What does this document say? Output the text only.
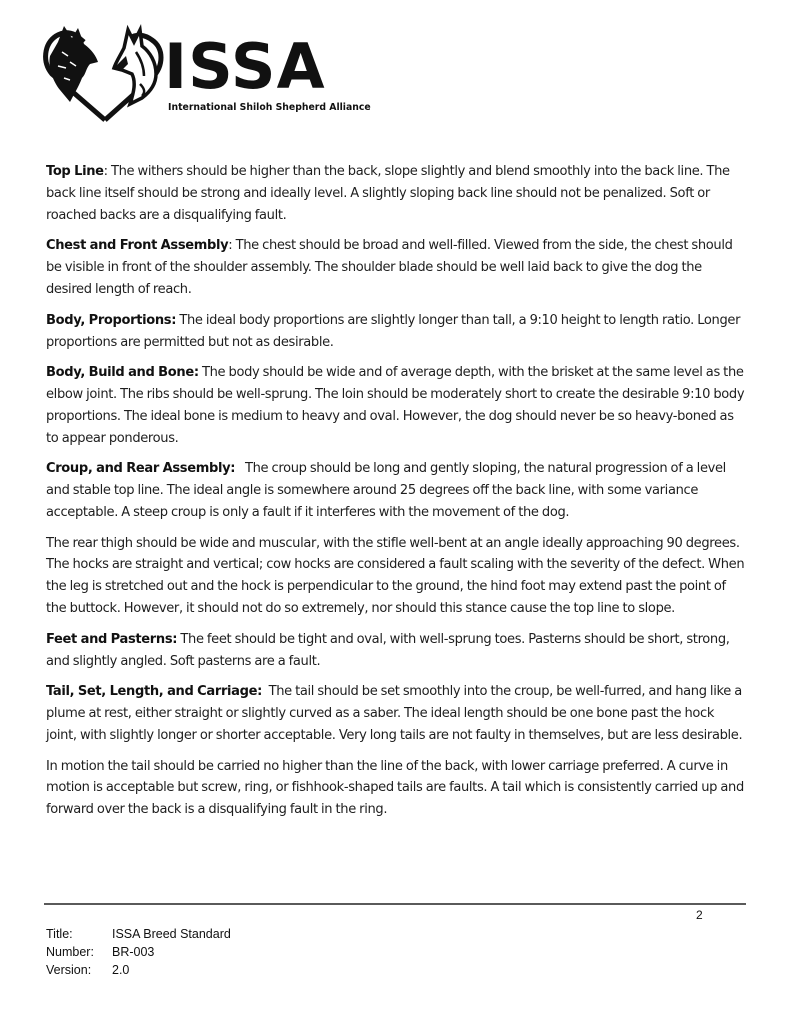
ISSA
International Shiloh Shepherd Alliance

Top Line: The withers should be higher than the back, slope slightly and blend smoothly into the back line. The back line itself should be strong and ideally level. A slightly sloping back line should not be penalized. Soft or roached backs are a disqualifying fault.

Chest and Front Assembly: The chest should be broad and well-filled. Viewed from the side, the chest should be visible in front of the shoulder assembly. The shoulder blade should be well laid back to give the dog the desired length of reach.

Body, Proportions: The ideal body proportions are slightly longer than tall, a 9:10 height to length ratio. Longer proportions are permitted but not as desirable.

Body, Build and Bone: The body should be wide and of average depth, with the brisket at the same level as the elbow joint. The ribs should be well-sprung. The loin should be moderately short to create the desirable 9:10 body proportions. The ideal bone is medium to heavy and oval. However, the dog should never be so heavy-boned as to appear ponderous.

Croup, and Rear Assembly: The croup should be long and gently sloping, the natural progression of a level and stable top line. The ideal angle is somewhere around 25 degrees off the back line, with some variance acceptable. A steep croup is only a fault if it interferes with the movement of the dog.

The rear thigh should be wide and muscular, with the stifle well-bent at an angle ideally approaching 90 degrees. The hocks are straight and vertical; cow hocks are considered a fault scaling with the severity of the defect. When the leg is stretched out and the hock is perpendicular to the ground, the hind foot may extend past the point of the buttock. However, it should not do so extremely, nor should this stance cause the top line to slope.

Feet and Pasterns: The feet should be tight and oval, with well-sprung toes. Pasterns should be short, strong, and slightly angled. Soft pasterns are a fault.

Tail, Set, Length, and Carriage: The tail should be set smoothly into the croup, be well-furred, and hang like a plume at rest, either straight or slightly curved as a saber. The ideal length should be one bone past the hock joint, with slightly longer or shorter acceptable. Very long tails are not faulty in themselves, but are less desirable.

In motion the tail should be carried no higher than the line of the back, with lower carriage preferred. A curve in motion is acceptable but screw, ring, or fishhook-shaped tails are faults. A tail which is consistently carried up and forward over the back is a disqualifying fault in the ring.

2
Title:	ISSA Breed Standard
Number:	BR-003
Version:	2.0
